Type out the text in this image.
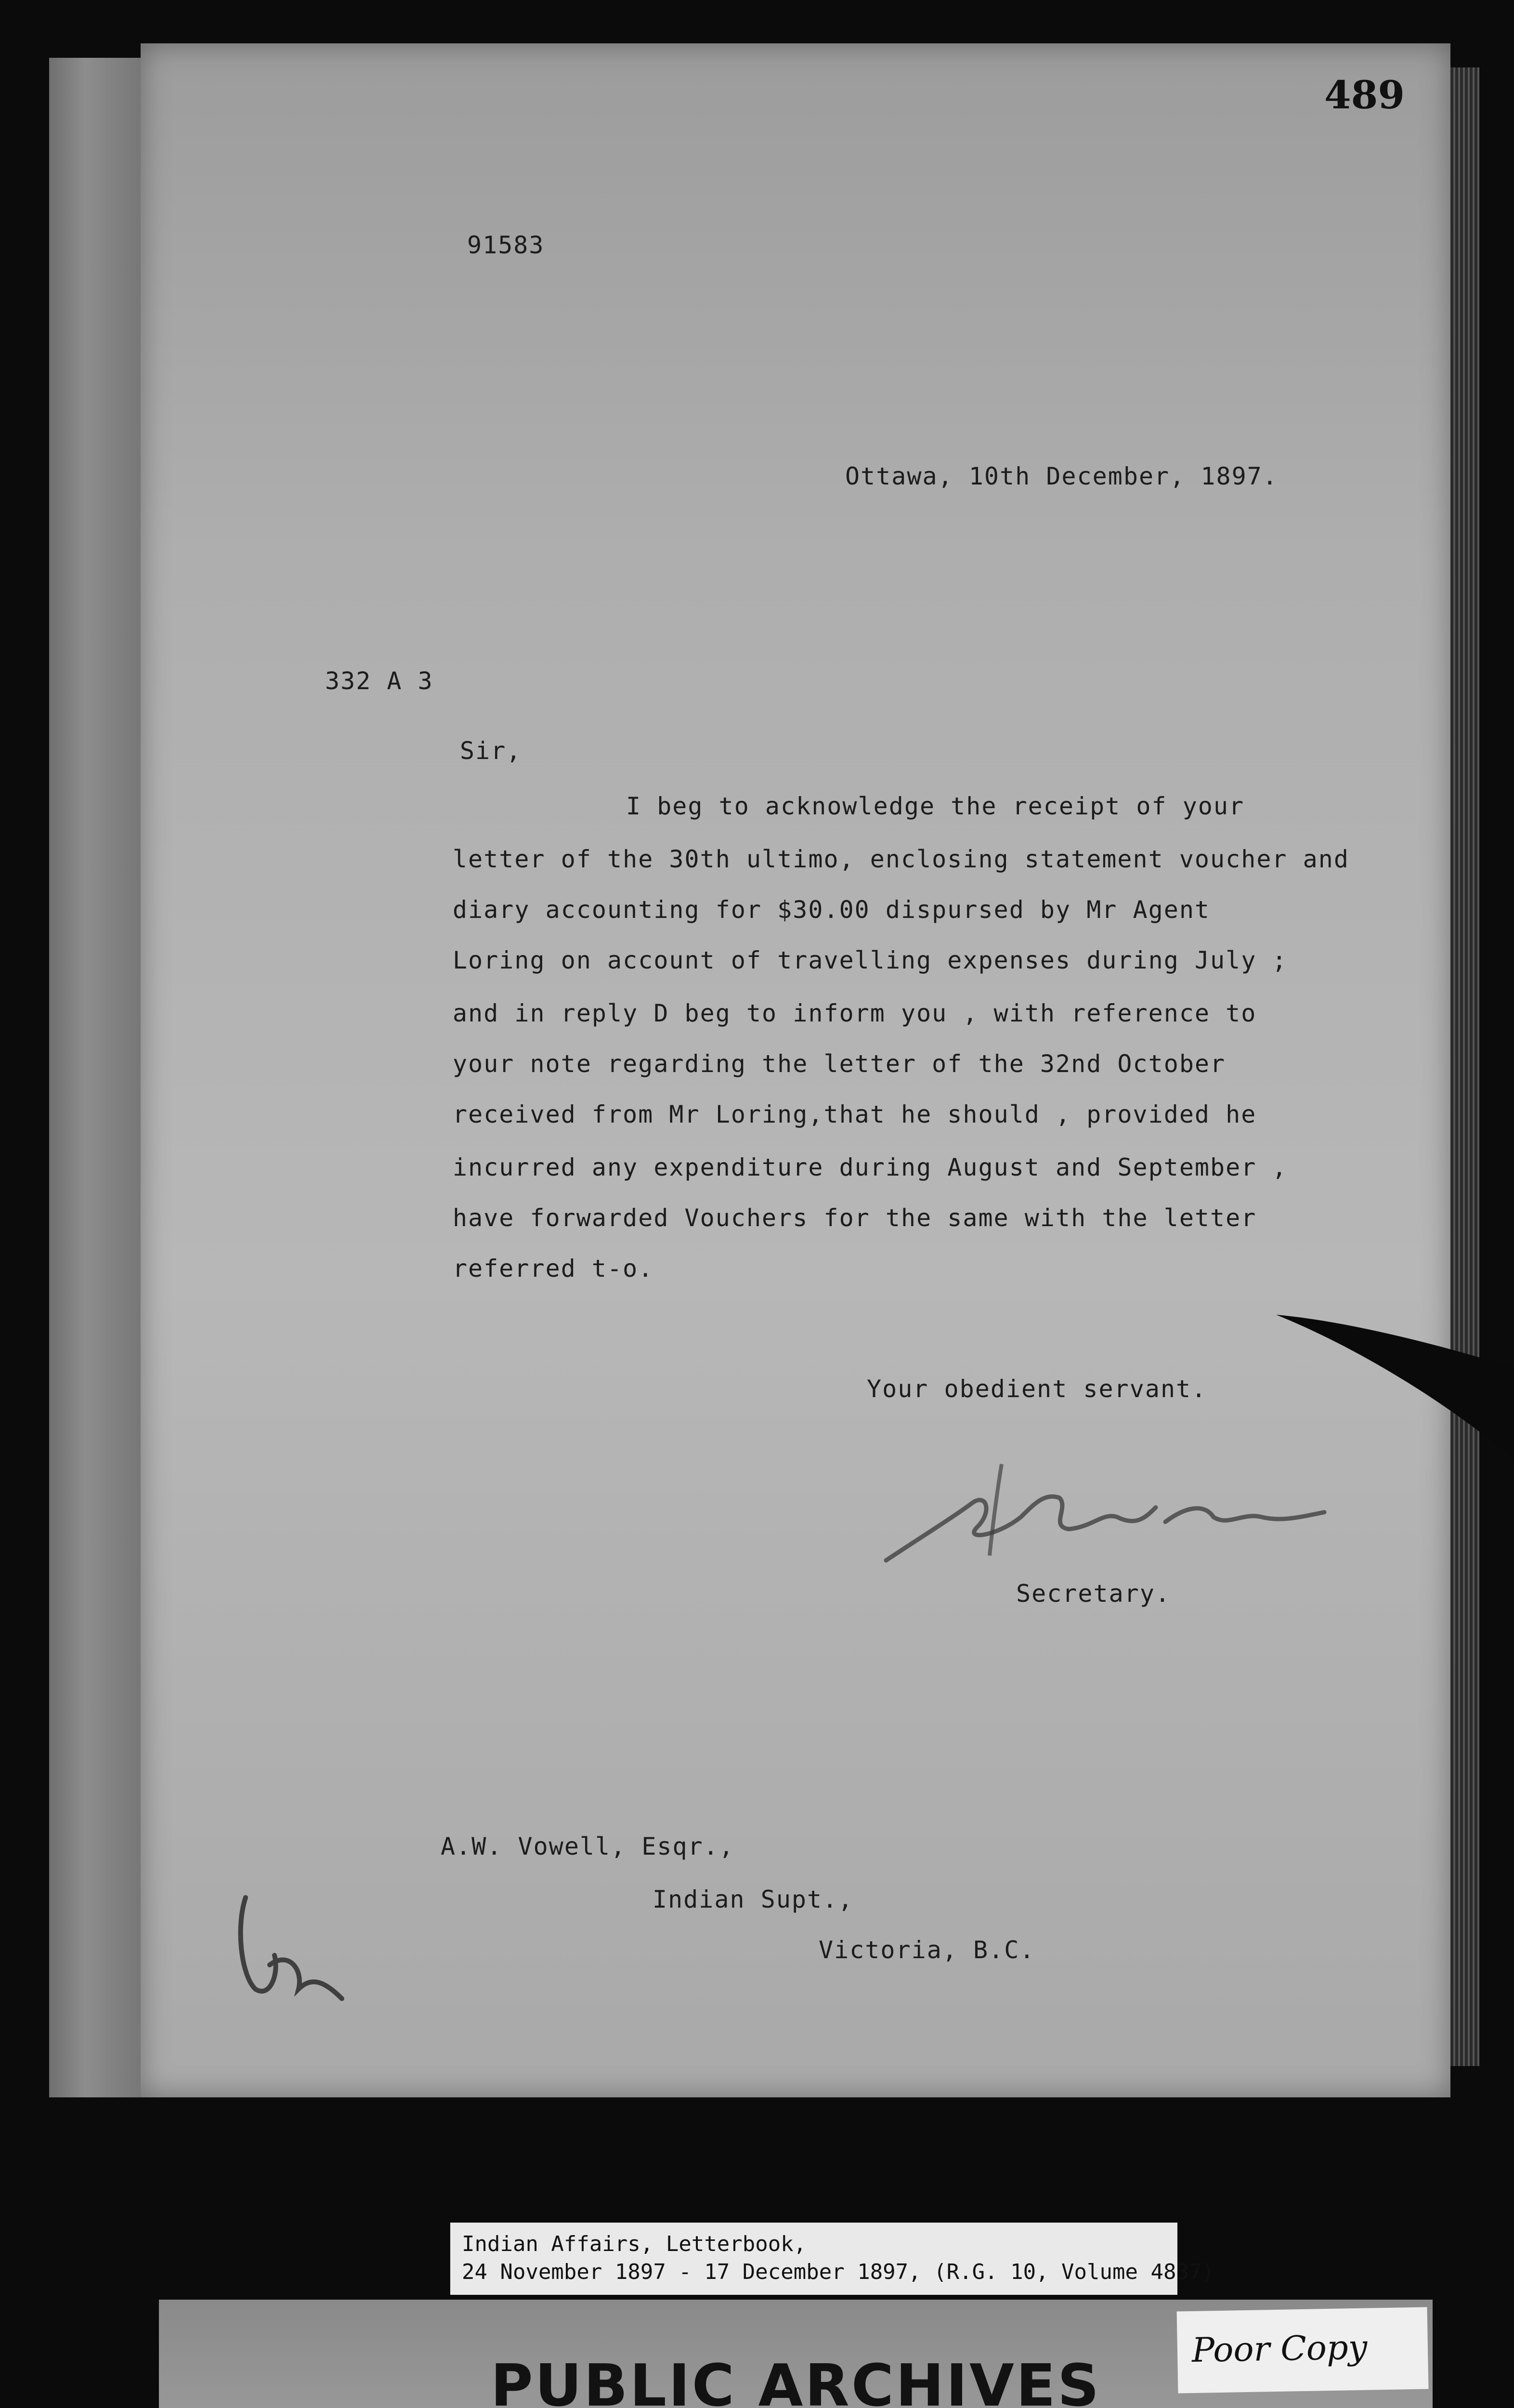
489
91583
Ottawa, 10th December, 1897.
332 A 3
Sir,
I beg to acknowledge the receipt of your
letter of the 30th ultimo, enclosing statement voucher and
diary accounting for $30.00 dispursed by Mr Agent
Loring on account of travelling expenses during July ;
and in reply D beg to inform you , with reference to
your note regarding the letter of the 32nd October
received from Mr Loring,that he should , provided he
incurred any expenditure during August and September ,
have forwarded Vouchers for the same with the letter
referred t-o.
Your obedient servant.
Secretary.
A.W. Vowell, Esqr.,
Indian Supt.,
Victoria, B.C.
Indian Affairs, Letterbook,
24 November 1897 - 17 December 1897, (R.G. 10, Volume 4837)
PUBLIC ARCHIVES
Poor Copy
